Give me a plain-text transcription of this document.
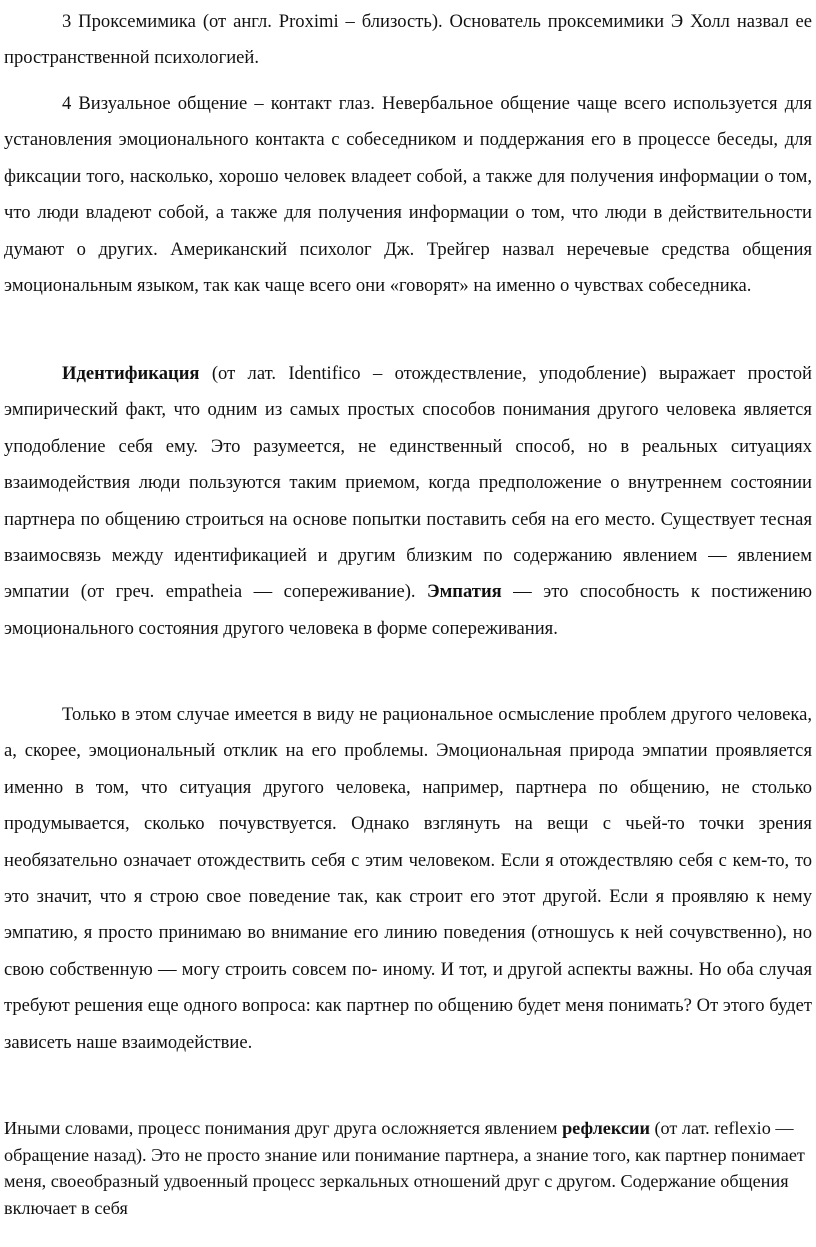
3 Проксемимика (от англ. Proximi – близость). Основатель проксемимики Э Холл назвал ее пространственной психологией.

4 Визуальное общение – контакт глаз. Невербальное общение чаще всего используется для установления эмоционального контакта с собеседником и поддержания его в процессе беседы, для фиксации того, насколько, хорошо человек владеет собой, а также для получения информации о том, что люди владеют собой, а также для получения информации о том, что люди в действительности думают о других. Американский психолог Дж. Трейгер назвал неречевые средства общения эмоциональным языком, так как чаще всего они «говорят» на именно о чувствах собеседника.

Идентификация (от лат. Identifico – отождествление, уподобление) выражает простой эмпирический факт, что одним из самых простых способов понимания другого человека является уподобление себя ему. Это разумеется, не единственный способ, но в реальных ситуациях взаимодействия люди пользуются таким приемом, когда предположение о внутреннем состоянии партнера по общению строиться на основе попытки поставить себя на его место. Существует тесная взаимосвязь между идентификацией и другим близким по содержанию явлением — явлением эмпатии (от греч. empatheia — сопереживание). Эмпатия — это способность к постижению эмоционального состояния другого человека в форме сопереживания.

Только в этом случае имеется в виду не рациональное осмысление проблем другого человека, а, скорее, эмоциональный отклик на его проблемы. Эмоциональная природа эмпатии проявляется именно в том, что ситуация другого человека, например, партнера по общению, не столько продумывается, сколько почувствуется. Однако взглянуть на вещи с чьей-то точки зрения необязательно означает отождествить себя с этим человеком. Если я отождествляю себя с кем-то, то это значит, что я строю свое поведение так, как строит его этот другой. Если я проявляю к нему эмпатию, я просто принимаю во внимание его линию поведения (отношусь к ней сочувственно), но свою собственную — могу строить совсем по- иному. И тот, и другой аспекты важны. Но оба случая требуют решения еще одного вопроса: как партнер по общению будет меня понимать? От этого будет зависеть наше взаимодействие.

Иными словами, процесс понимания друг друга осложняется явлением рефлексии (от лат. reflexio — обращение назад). Это не просто знание или понимание партнера, а знание того, как партнер понимает меня, своеобразный удвоенный процесс зеркальных отношений друг с другом. Содержание общения включает в себя
